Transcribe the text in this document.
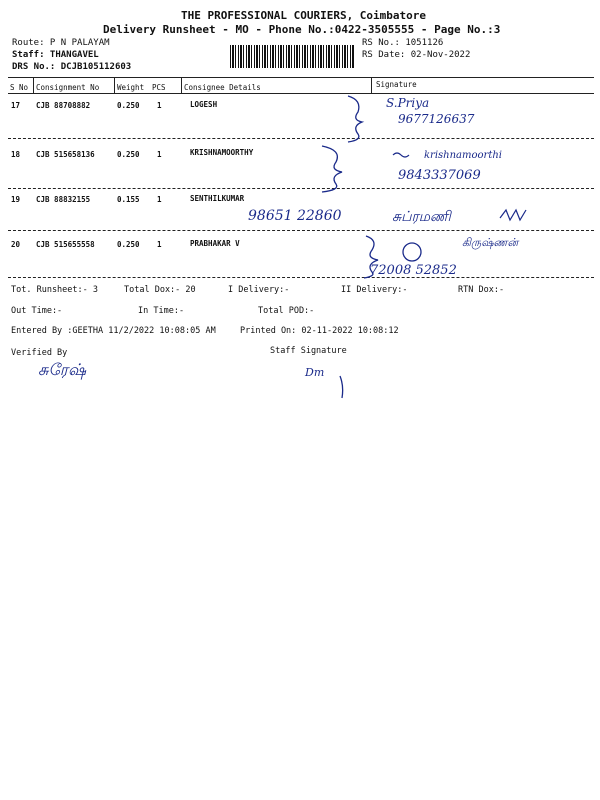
THE PROFESSIONAL COURIERS, Coimbatore
Delivery Runsheet - MO - Phone No.:0422-3505555 - Page No.:3
Route: P N PALAYAM
Staff: THANGAVEL
DRS No.: DCJB105112603
RS No.: 1051126
RS Date: 02-Nov-2022
S No Consignment No Weight PCS Consignee Details	Signature
17 CJB 88708882	0.250 1	LOGESH	S.Priya
9677126637
18 CJB 515658136	0.250 1	KRISHNAMOORTHY	krishnamoorthi
9843337069
19 CJB 88832155	0.155 1	SENTHILKUMAR
98651 22860	சுப்ரமணி
20 CJB 515655558	0.250 1	PRABHAKAR V	கிருஷ்ணன்
72008 52852
Tot. Runsheet:- 3	Total Dox:- 20	I Delivery:-	II Delivery:-	RTN Dox:-
Out Time:-	In Time:-	Total POD:-
Entered By :GEETHA 11/2/2022 10:08:05 AM	Printed On: 02-11-2022 10:08:12
Verified By
சுரேஷ்
Staff Signature
Dm
